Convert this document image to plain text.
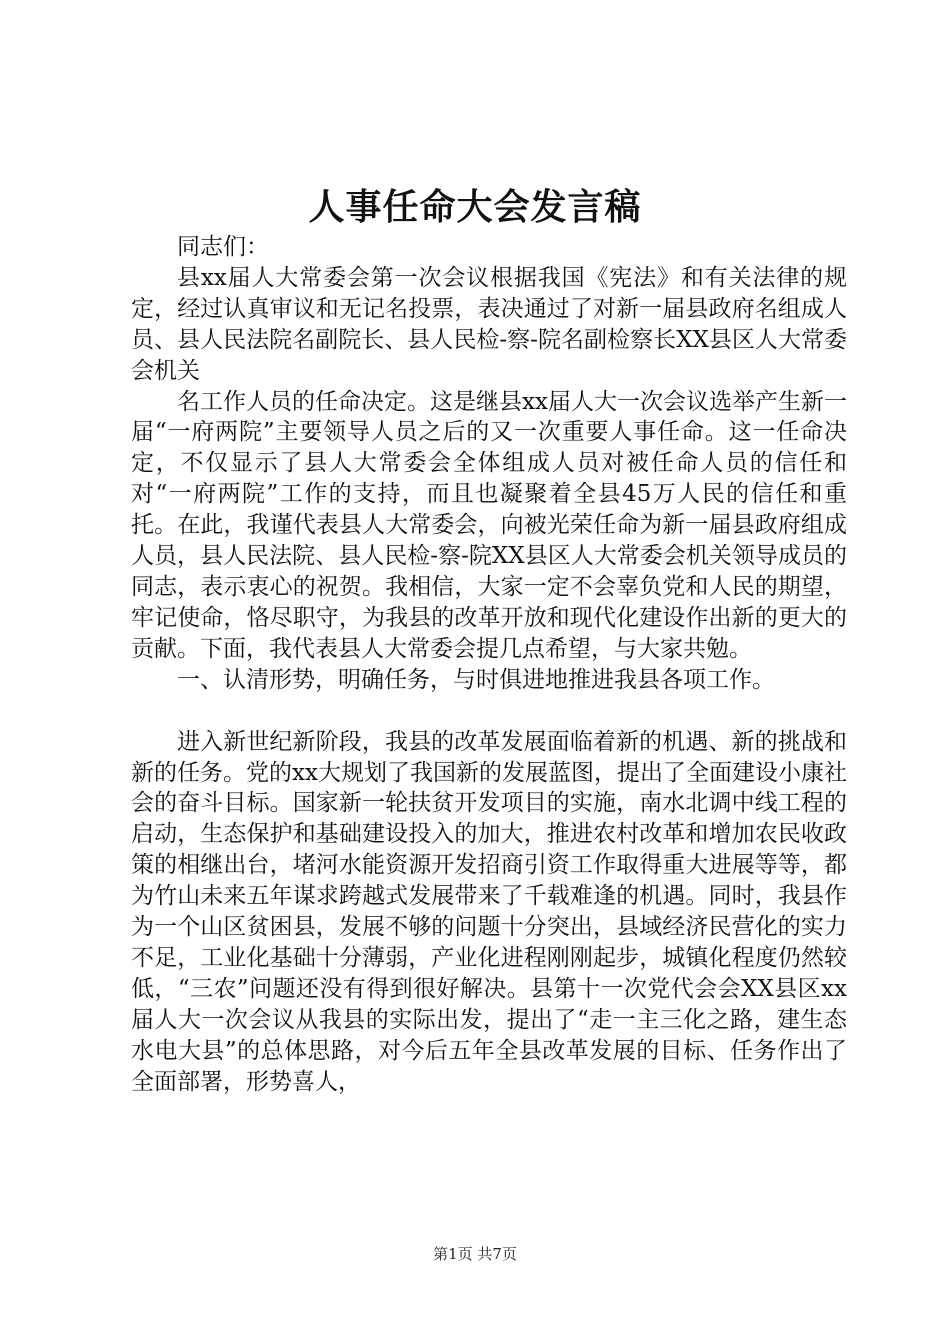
人事任命大会发言稿

同志们：

县xx届人大常委会第一次会议根据我国《宪法》和有关法律的规定，经过认真审议和无记名投票，表决通过了对新一届县政府名组成人员、县人民法院名副院长、县人民检-察-院名副检察长XX县区人大常委会机关

名工作人员的任命决定。这是继县xx届人大一次会议选举产生新一届“一府两院”主要领导人员之后的又一次重要人事任命。这一任命决定，不仅显示了县人大常委会全体组成人员对被任命人员的信任和对“一府两院”工作的支持，而且也凝聚着全县45万人民的信任和重托。在此，我谨代表县人大常委会，向被光荣任命为新一届县政府组成人员，县人民法院、县人民检-察-院XX县区人大常委会机关领导成员的同志，表示衷心的祝贺。我相信，大家一定不会辜负党和人民的期望，牢记使命，恪尽职守，为我县的改革开放和现代化建设作出新的更大的贡献。下面，我代表县人大常委会提几点希望，与大家共勉。

一、认清形势，明确任务，与时俱进地推进我县各项工作。

进入新世纪新阶段，我县的改革发展面临着新的机遇、新的挑战和新的任务。党的xx大规划了我国新的发展蓝图，提出了全面建设小康社会的奋斗目标。国家新一轮扶贫开发项目的实施，南水北调中线工程的启动，生态保护和基础建设投入的加大，推进农村改革和增加农民收政策的相继出台，堵河水能资源开发招商引资工作取得重大进展等等，都为竹山未来五年谋求跨越式发展带来了千载难逢的机遇。同时，我县作为一个山区贫困县，发展不够的问题十分突出，县域经济民营化的实力不足，工业化基础十分薄弱，产业化进程刚刚起步，城镇化程度仍然较低，“三农”问题还没有得到很好解决。县第十一次党代会会XX县区xx届人大一次会议从我县的实际出发，提出了“走一主三化之路，建生态水电大县”的总体思路，对今后五年全县改革发展的目标、任务作出了全面部署，形势喜人，

第1页 共7页
